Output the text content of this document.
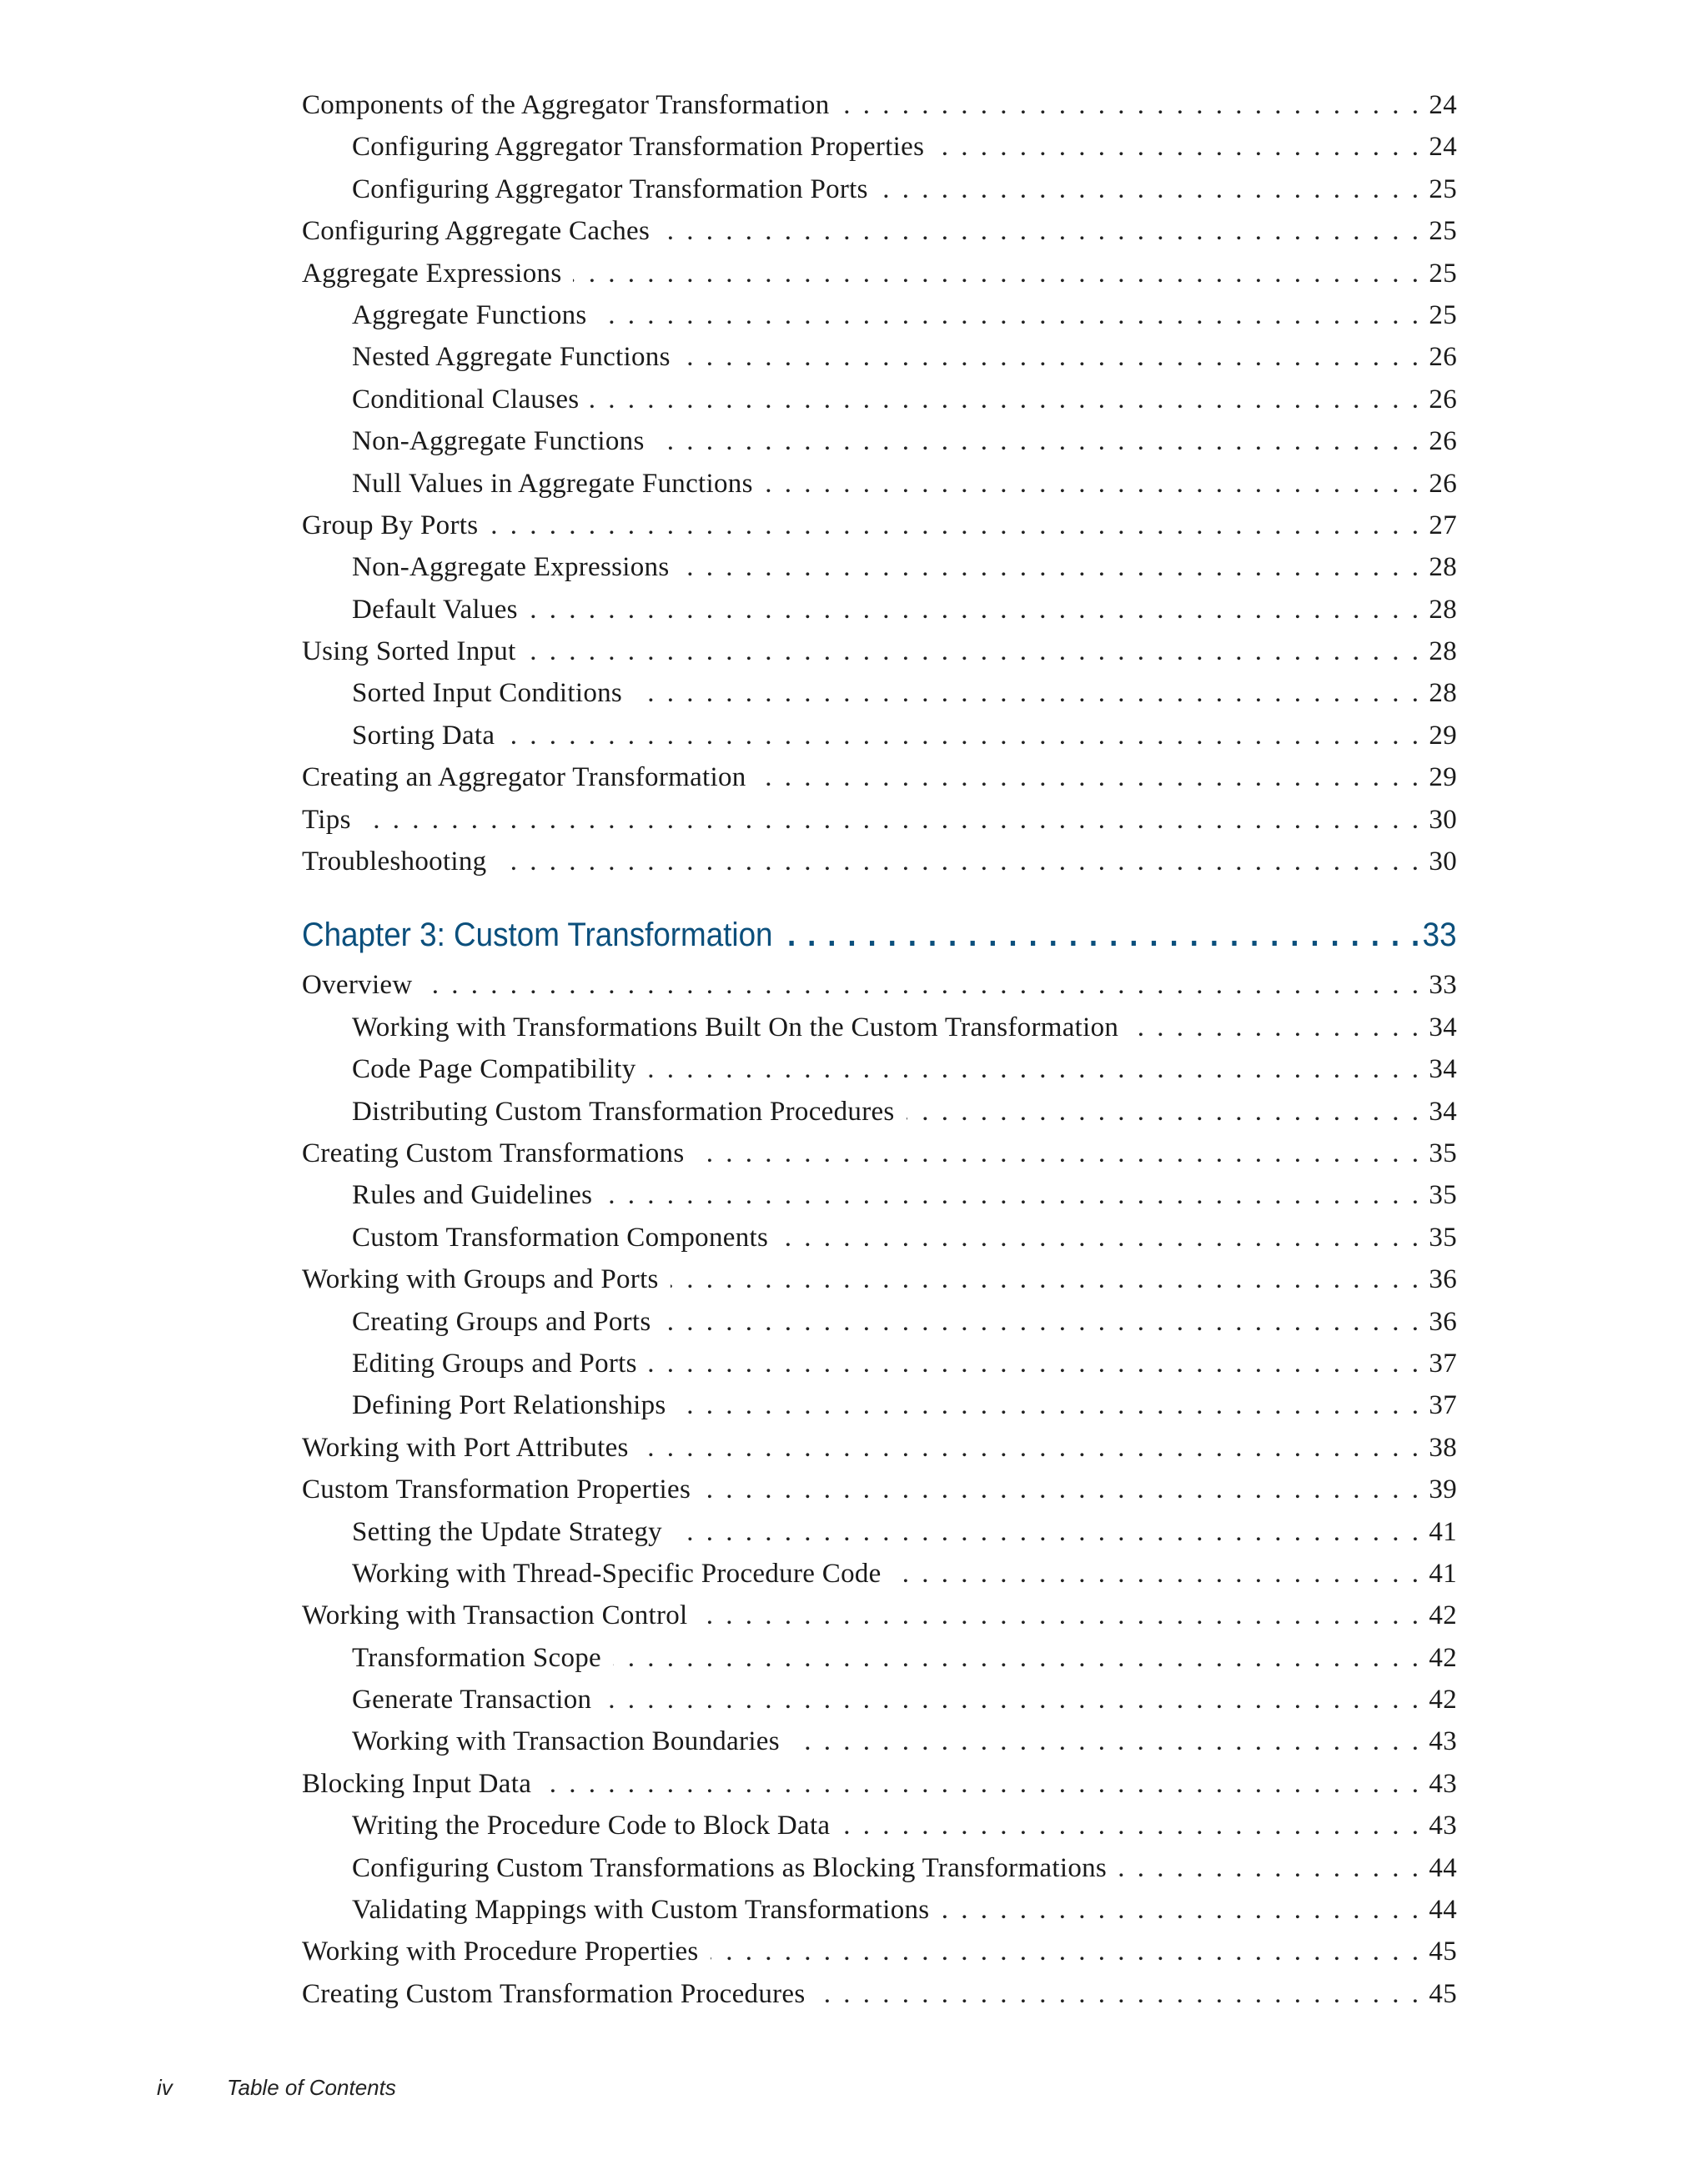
Components of the Aggregator Transformation . . .	24
Configuring Aggregator Transformation Properties . . .	24
Configuring Aggregator Transformation Ports . . .	25
Configuring Aggregate Caches . . .	25
Aggregate Expressions . . .	25
Aggregate Functions . . .	25
Nested Aggregate Functions . . .	26
Conditional Clauses . . .	26
Non-Aggregate Functions . . .	26
Null Values in Aggregate Functions . . .	26
Group By Ports . . .	27
Non-Aggregate Expressions . . .	28
Default Values . . .	28
Using Sorted Input . . .	28
Sorted Input Conditions . . .	28
Sorting Data . . .	29
Creating an Aggregator Transformation . . .	29
Tips . . .	30
Troubleshooting . . .	30
Chapter 3: Custom Transformation . . .	33
Overview . . .	33
Working with Transformations Built On the Custom Transformation . . .	34
Code Page Compatibility . . .	34
Distributing Custom Transformation Procedures . . .	34
Creating Custom Transformations . . .	35
Rules and Guidelines . . .	35
Custom Transformation Components . . .	35
Working with Groups and Ports . . .	36
Creating Groups and Ports . . .	36
Editing Groups and Ports . . .	37
Defining Port Relationships . . .	37
Working with Port Attributes . . .	38
Custom Transformation Properties . . .	39
Setting the Update Strategy . . .	41
Working with Thread-Specific Procedure Code . . .	41
Working with Transaction Control . . .	42
Transformation Scope . . .	42
Generate Transaction . . .	42
Working with Transaction Boundaries . . .	43
Blocking Input Data . . .	43
Writing the Procedure Code to Block Data . . .	43
Configuring Custom Transformations as Blocking Transformations . . .	44
Validating Mappings with Custom Transformations . . .	44
Working with Procedure Properties . . .	45
Creating Custom Transformation Procedures . . .	45
iv	Table of Contents
